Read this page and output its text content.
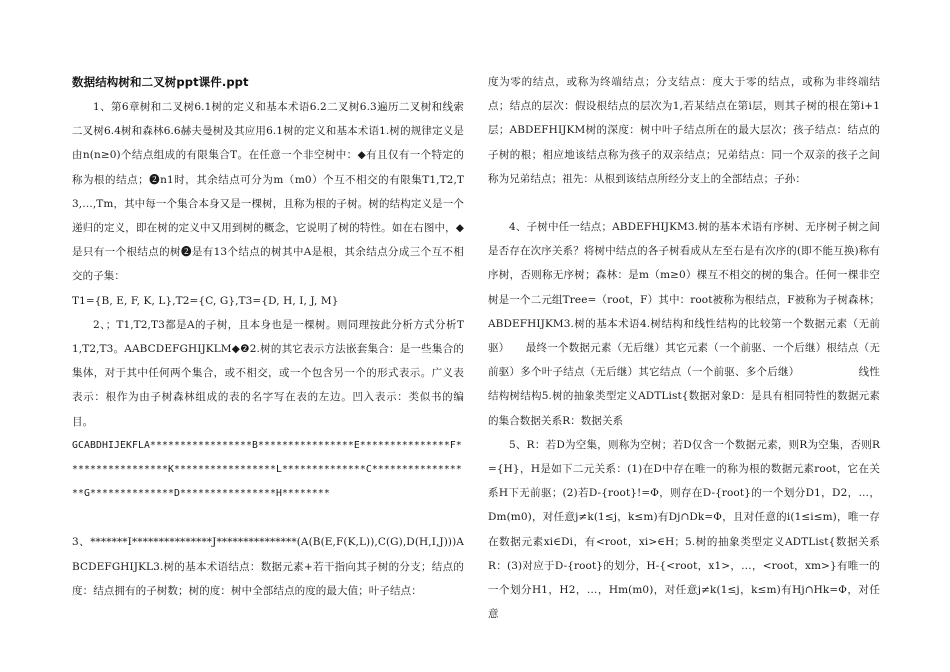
数据结构树和二叉树ppt课件.ppt

1、第6章树和二叉树6.1树的定义和基本术语6.2二叉树6.3遍历二叉树和线索二叉树6.4树和森林6.6赫夫曼树及其应用6.1树的定义和基本术语1.树的规律定义是由n(n≥0)个结点组成的有限集合T。在任意一个非空树中：◆有且仅有一个特定的称为根的结点；❷n1时，其余结点可分为m（m0）个互不相交的有限集T1,T2,T3,…,Tm，其中每一个集合本身又是一棵树，且称为根的子树。树的结构定义是一个递归的定义，即在树的定义中又用到树的概念，它说明了树的特性。如在右图中，◆是只有一个根结点的树❷是有13个结点的树其中A是根，其余结点分成三个互不相交的子集：

T1={B, E, F, K, L},T2={C, G},T3={D, H, I, J, M}

2、；T1,T2,T3都是A的子树，且本身也是一棵树。则同理按此分析方式分析T1,T2,T3。AABCDEFGHIJKLM◆❷2.树的其它表示方法嵌套集合：是一些集合的集体，对于其中任何两个集合，或不相交，或一个包含另一个的形式表示。广义表表示：根作为由子树森林组成的表的名字写在表的左边。凹入表示：类似书的编目。

GCABDHIJEKFLA*****************B****************E***************F*****************K*****************L**************C*****************G**************D****************H********

3、*******I***************J***************(A(B(E,F(K,L)),C(G),D(H,I,J)))ABCDEFGHIJKL3.树的基本术语结点：数据元素+若干指向其子树的分支；结点的度：结点拥有的子树数；树的度：树中全部结点的度的最大值；叶子结点：

度为零的结点，或称为终端结点；分支结点：度大于零的结点，或称为非终端结点；结点的层次：假设根结点的层次为1,若某结点在第i层，则其子树的根在第i+1层；ABDEFHIJKM树的深度：树中叶子结点所在的最大层次；孩子结点：结点的子树的根；相应地该结点称为孩子的双亲结点；兄弟结点：同一个双亲的孩子之间称为兄弟结点；祖先：从根到该结点所经分支上的全部结点；子孙：

4、子树中任一结点；ABDEFHIJKM3.树的基本术语有序树、无序树子树之间是否存在次序关系？将树中结点的各子树看成从左至右是有次序的(即不能互换)称有序树，否则称无序树；森林：是m（m≥0）棵互不相交的树的集合。任何一棵非空树是一个二元组Tree=（root，F）其中：root被称为根结点，F被称为子树森林；ABDEFHIJKM3.树的基本术语4.树结构和线性结构的比较第一个数据元素（无前驱）　　最终一个数据元素（无后继）其它元素（一个前驱、一个后继）根结点（无前驱）多个叶子结点（无后继）其它结点（一个前驱、多个后继）　　　　　　线性结构树结构5.树的抽象类型定义ADTList{数据对象D：是具有相同特性的数据元素的集合数据关系R：数据关系

5、R：若D为空集，则称为空树；若D仅含一个数据元素，则R为空集，否则R={H}，H是如下二元关系：(1)在D中存在唯一的称为根的数据元素root，它在关系H下无前驱；(2)若D-{root}!=Φ，则存在D-{root}的一个划分D1，D2，…，Dm(m0)，对任意j≠k(1≤j，k≤m)有Dj∩Dk=Φ，且对任意的i(1≤i≤m)，唯一存在数据元素xi∈Di，有<root，xi>∈H；5.树的抽象类型定义ADTList{数据关系R：(3)对应于D-{root}的划分，H-{<root，x1>，…，<root，xm>}有唯一的一个划分H1，H2，…，Hm(m0)，对任意j≠k(1≤j，k≤m)有Hj∩Hk=Φ，对任意
